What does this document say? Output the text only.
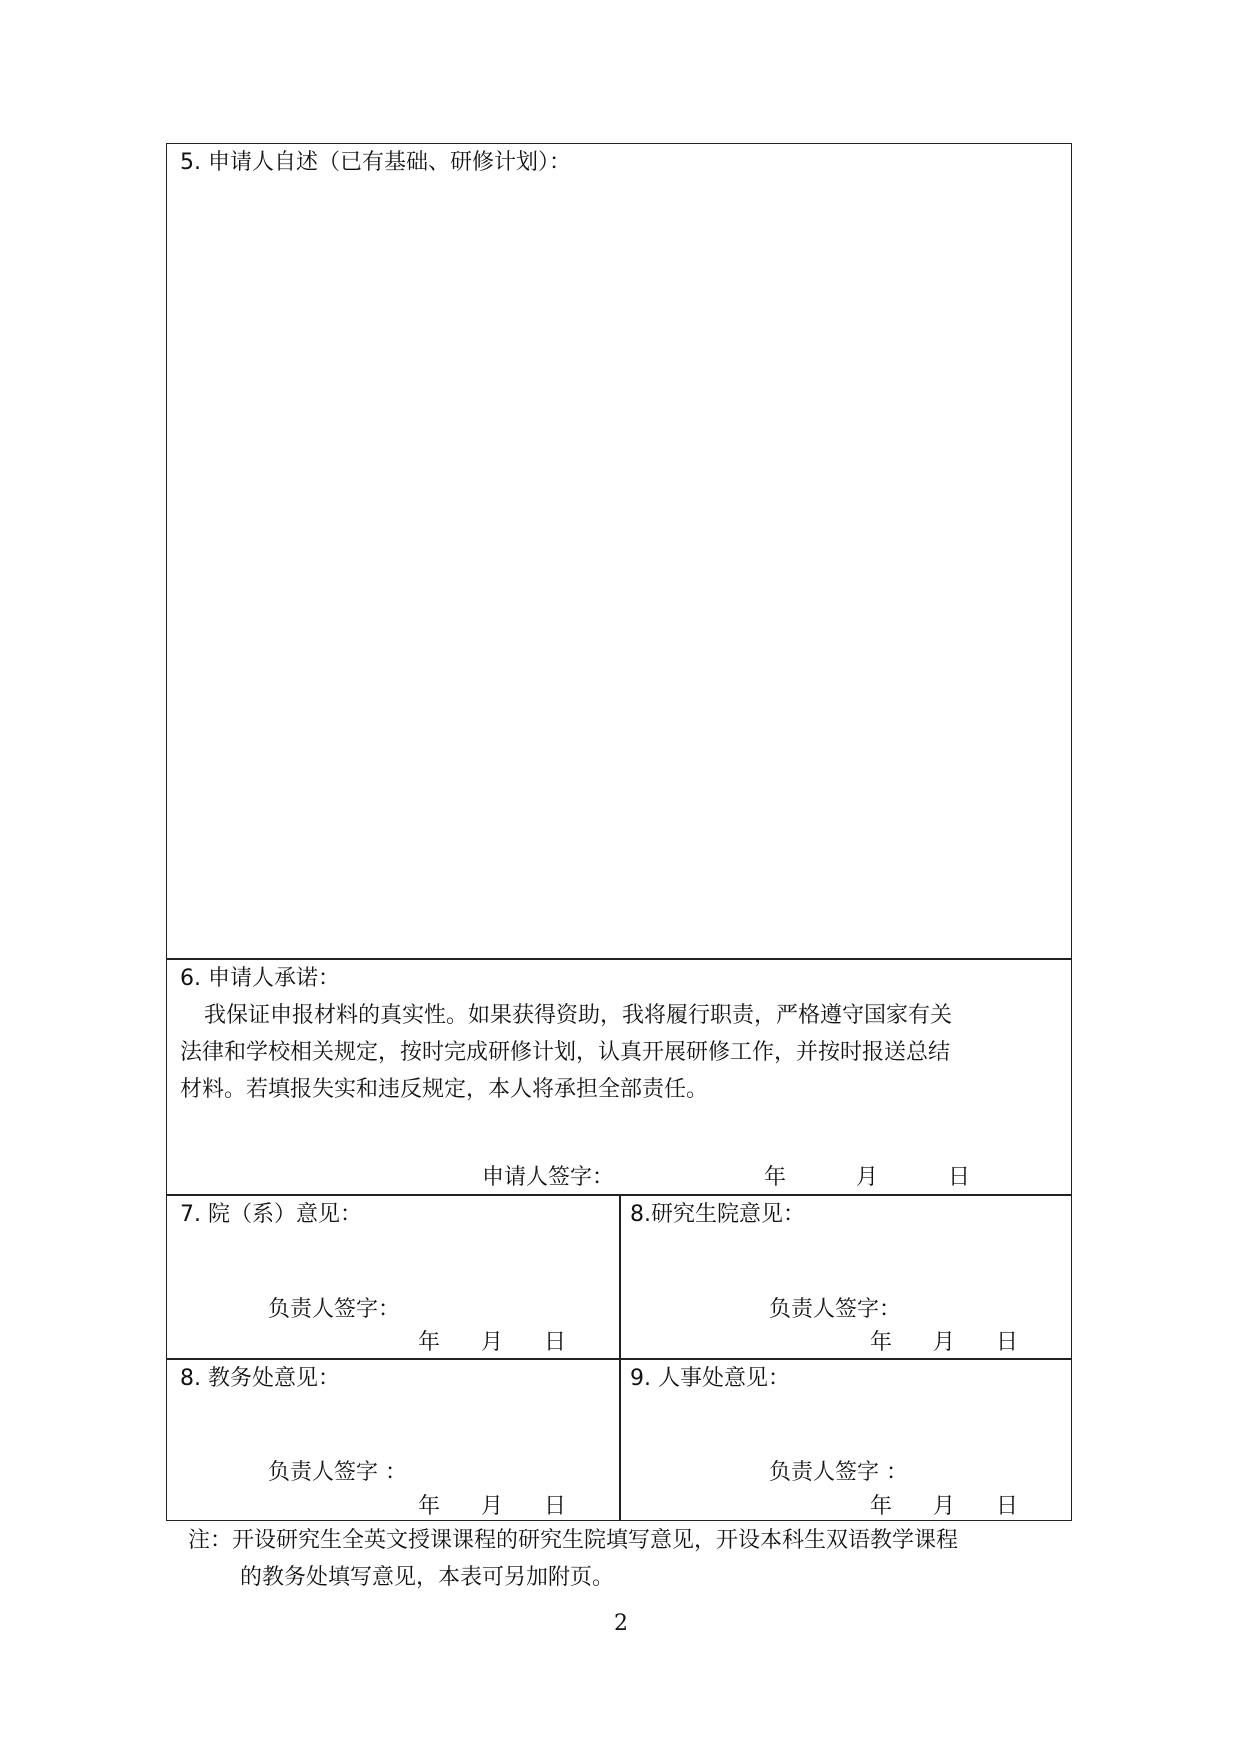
5. 申请人自述（已有基础、研修计划）：
6. 申请人承诺：
我保证申报材料的真实性。如果获得资助，我将履行职责，严格遵守国家有关
法律和学校相关规定，按时完成研修计划，认真开展研修工作，并按时报送总结
材料。若填报失实和违反规定，本人将承担全部责任。
申请人签字：	年	月	日
7. 院（系）意见：
负责人签字：
年 月 日
8.研究生院意见：
负责人签字：
年 月 日
8. 教务处意见：
负责人签字 ：
年 月 日
9. 人事处意见：
负责人签字 ：
年 月 日
注：开设研究生全英文授课课程的研究生院填写意见，开设本科生双语教学课程
的教务处填写意见，本表可另加附页。
2
